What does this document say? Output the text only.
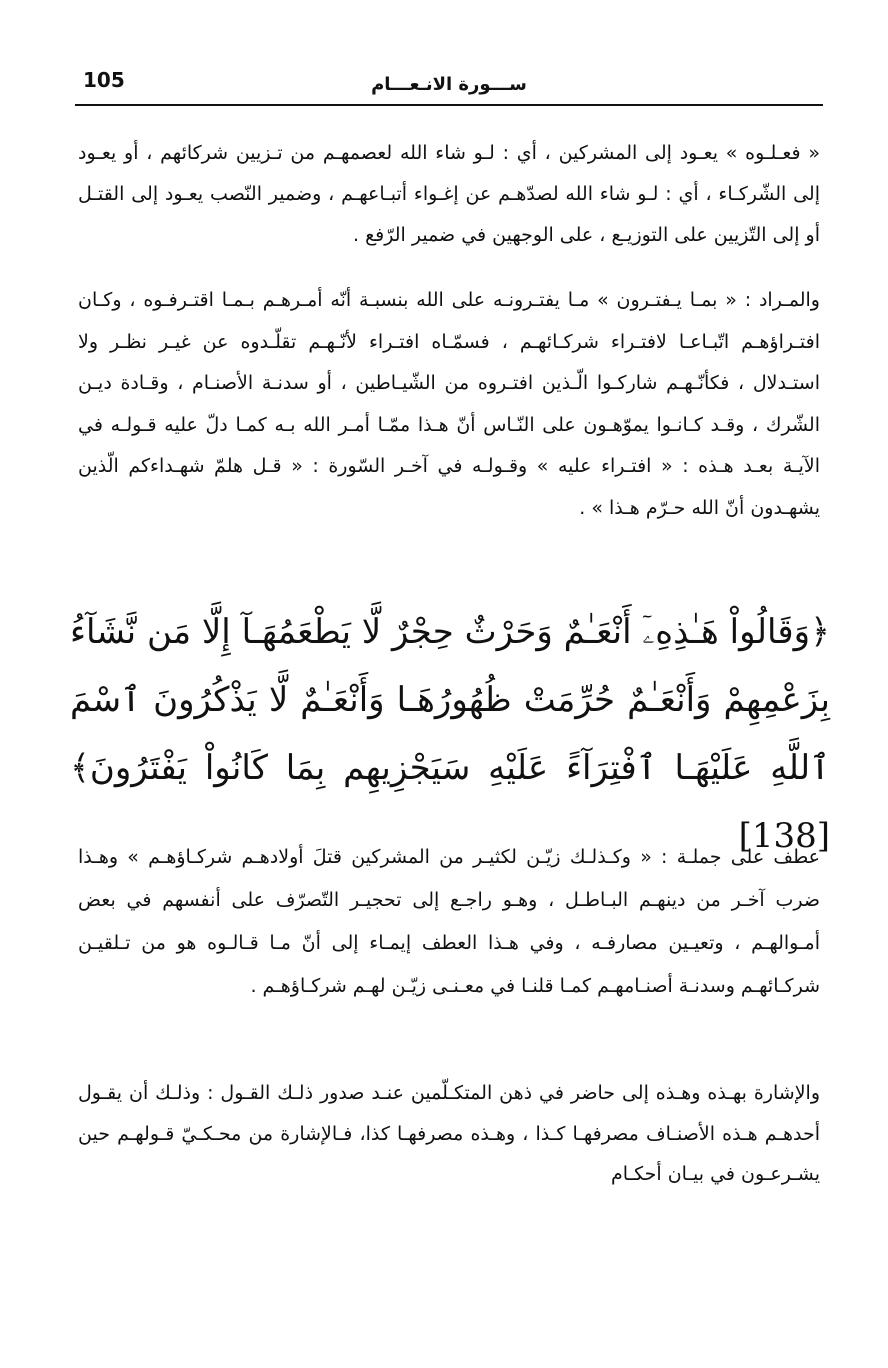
105	ســـورة الانـعـــام
« فعـلـوه » يعـود إلى المشركين ، أي : لـو شاء الله لعصمهـم من تـزيين شركائهم ، أو يعـود إلى الشّركـاء ، أي : لـو شاء الله لصدّهـم عن إغـواء أتبـاعهـم ، وضمير النّصب يعـود إلى القتـل أو إلى التّزيين على التوزيـع ، على الوجهين في ضمير الرّفع .
والمـراد : « بمـا يـفتـرون » مـا يفتـرونـه على الله بنسبـة أنّه أمـرهـم بـمـا اقتـرفـوه ، وكـان افتـراؤهـم اتّبـاعـا لافتـراء شركـائهـم ، فسمّـاه افتـراء لأنّـهـم تقلّـدوه عن غيـر نظـر ولا استـدلال ، فكأنّـهـم شاركـوا الّـذين افتـروه من الشّيـاطين ، أو سدنـة الأصنـام ، وقـادة ديـن الشّرك ، وقـد كـانـوا يموّهـون على النّـاس أنّ هـذا ممّـا أمـر الله بـه كمـا دلّ عليه قـولـه في الآيـة بعـد هـذه : « افتـراء عليه » وقـولـه في آخـر السّورة : « قـل هلمّ شهـداءكم الّذين يشهـدون أنّ الله حـرّم هـذا » .
﴿وَقَالُواْ هَـٰذِهِۦٓ أَنْعَـٰمٌ وَحَرْثٌ حِجْرٌ لَّا يَطْعَمُهَـآ إِلَّا مَن نَّشَآءُ بِزَعْمِهِمْ وَأَنْعَـٰمٌ حُرِّمَتْ ظُهُورُهَـا وَأَنْعَـٰمٌ لَّا يَذْكُرُونَ ٱسْمَ ٱللَّهِ عَلَيْهَـا ٱفْتِرَآءً عَلَيْهِ سَيَجْزِيهِم بِمَا كَانُواْ يَفْتَرُونَ﴾ [138]
عطف على جملـة : « وكـذلـك زيّـن لكثيـر من المشركين قتلَ أولادهـم شركـاؤهـم » وهـذا ضرب آخـر من دينهـم البـاطـل ، وهـو راجـع إلى تحجيـر التّصرّف على أنفسهم في بعض أمـوالهـم ، وتعيـين مصارفـه ، وفي هـذا العطف إيمـاء إلى أنّ مـا قـالـوه هو من تـلقيـن شركـائهـم وسدنـة أصنـامهـم كمـا قلنـا في معـنـى زيّـن لهـم شركـاؤهـم .
والإشارة بهـذه وهـذه إلى حاضر في ذهن المتكـلّمين عنـد صدور ذلـك القـول : وذلـك أن يقـول أحدهـم هـذه الأصنـاف مصرفهـا كـذا ، وهـذه مصرفهـا كذا، فـالإشارة من محـكـيّ قـولهـم حين يشـرعـون في بيـان أحكـام
